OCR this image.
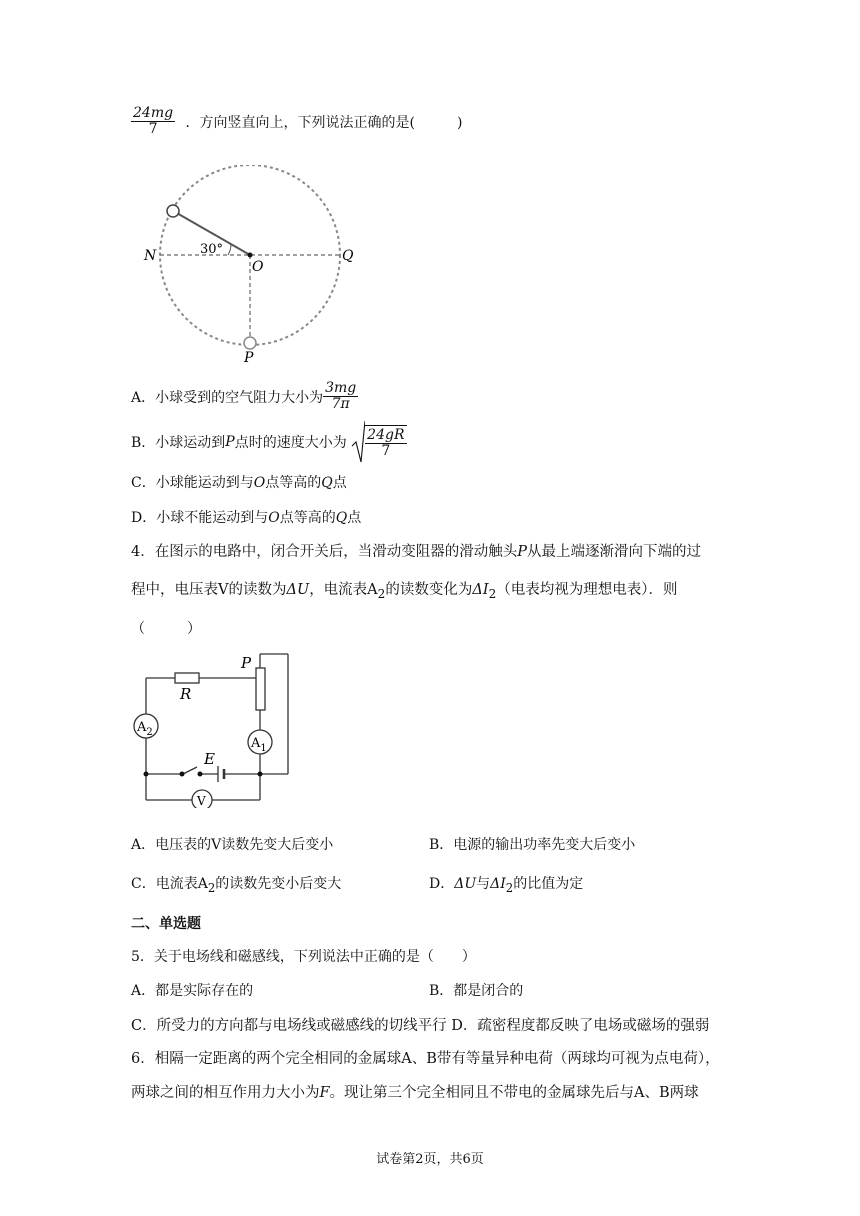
$\frac{24mg}{7}$ ．方向竖直向上，下列说法正确的是(　　　)
30°
N
O
Q
P
A．小球受到的空气阻力大小为 $\frac{3mg}{7\pi}$
B．小球运动到P点时的速度大小为 $\frac{24gR}{7}$
C．小球能运动到与O点等高的Q点
D．小球不能运动到与O点等高的Q点
4．在图示的电路中，闭合开关后，当滑动变阻器的滑动触头P从最上端逐渐滑向下端的过
程中，电压表V的读数为ΔU，电流表$A_2$的读数变化为$\Delta I_2$（电表均视为理想电表）．则
（　　　）
P
R
$A_2$
$A_1$
E
V
A．电压表的V读数先变大后变小	B．电源的输出功率先变大后变小
C．电流表$A_2$的读数先变小后变大	D．ΔU与$\Delta I_2$的比值为定
二、单选题
5．关于电场线和磁感线，下列说法中正确的是（　　）
A．都是实际存在的	B．都是闭合的
C．所受力的方向都与电场线或磁感线的切线平行 D．疏密程度都反映了电场或磁场的强弱
6．相隔一定距离的两个完全相同的金属球A、B带有等量异种电荷（两球均可视为点电荷），
两球之间的相互作用力大小为F。现让第三个完全相同且不带电的金属球先后与A、B两球
试卷第2页，共6页
